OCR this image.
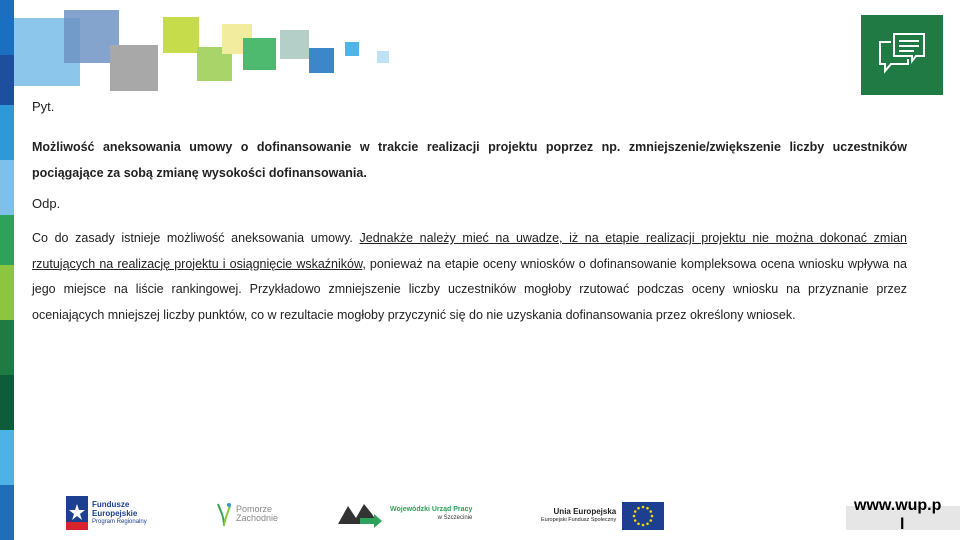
Pyt.
Możliwość aneksowania umowy o dofinansowanie w trakcie realizacji projektu poprzez np. zmniejszenie/zwiększenie liczby uczestników pociągające za sobą zmianę wysokości dofinansowania.
Odp.
Co do zasady istnieje możliwość aneksowania umowy. Jednakże należy mieć na uwadze, iż na etapie realizacji projektu nie można dokonać zmian rzutujących na realizację projektu i osiągnięcie wskaźników, ponieważ na etapie oceny wniosków o dofinansowanie kompleksowa ocena wniosku wpływa na jego miejsce na liście rankingowej. Przykładowo zmniejszenie liczby uczestników mogłoby rzutować podczas oceny wniosku na przyznanie przez oceniających mniejszej liczby punktów, co w rezultacie mogłoby przyczynić się do nie uzyskania dofinansowania przez określony wniosek.
Fundusze
Europejskie
Program Regionalny
Pomorze
Zachodnie
Wojewódzki Urząd Pracy
w Szczecinie
Unia Europejska
Europejski Fundusz Społeczny
www.wup.p
l
